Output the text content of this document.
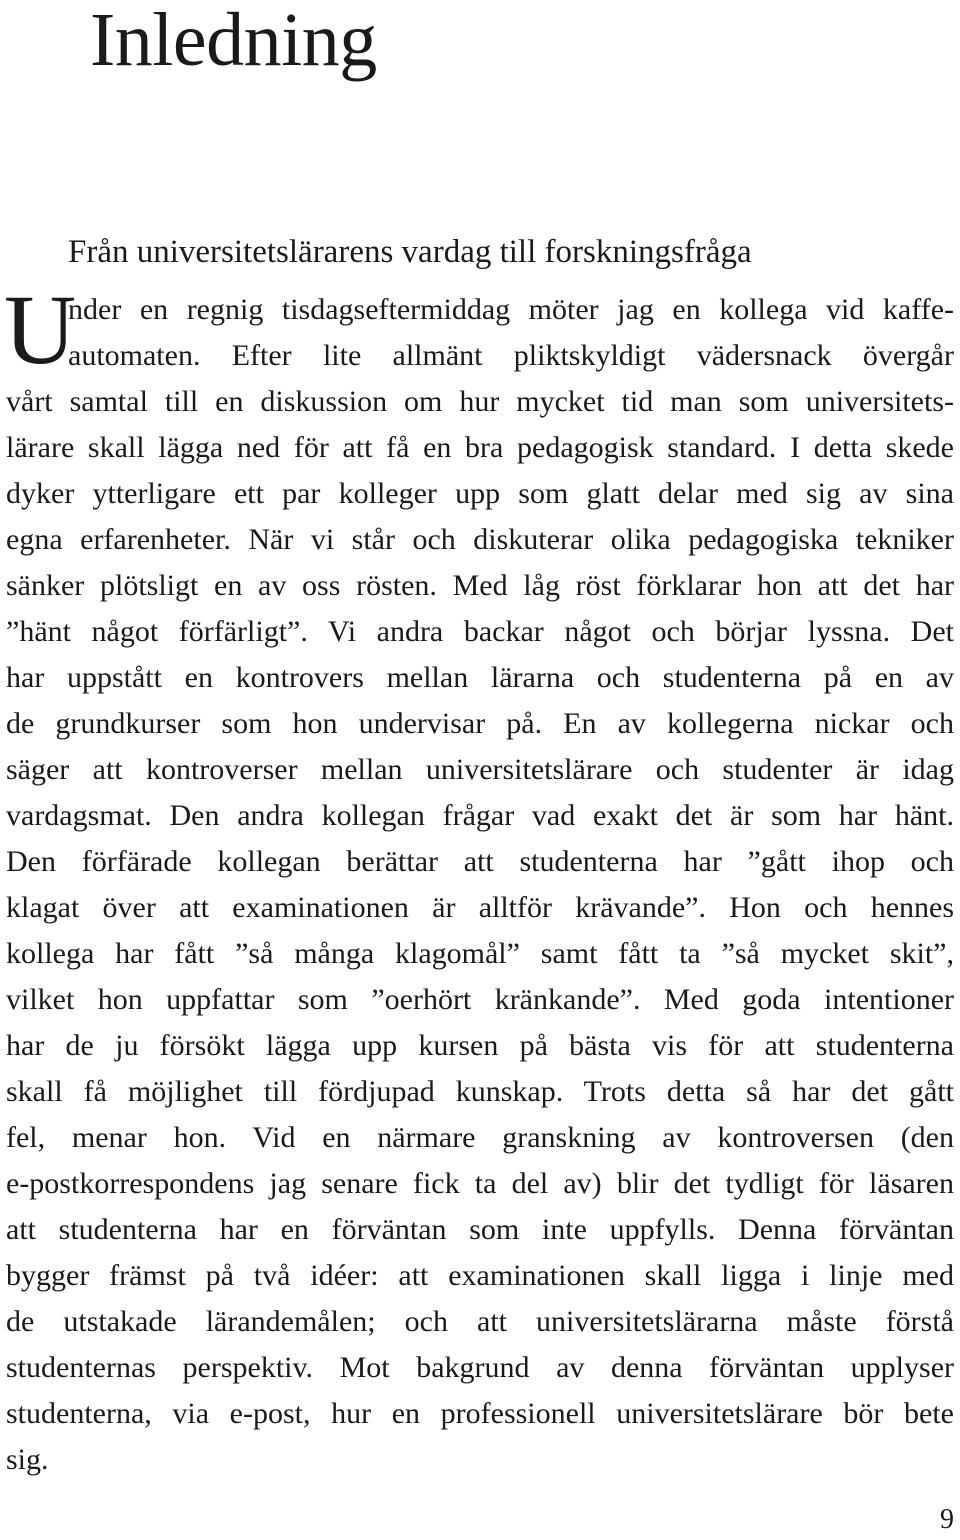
Inledning
Från universitetslärarens vardag till forskningsfråga
U
nder en regnig tisdagseftermiddag möter jag en kollega vid kaffe-
automaten. Efter lite allmänt pliktskyldigt vädersnack övergår
vårt samtal till en diskussion om hur mycket tid man som universitets-
lärare skall lägga ned för att få en bra pedagogisk standard. I detta skede
dyker ytterligare ett par kolleger upp som glatt delar med sig av sina
egna erfarenheter. När vi står och diskuterar olika pedagogiska tekniker
sänker plötsligt en av oss rösten. Med låg röst förklarar hon att det har
”hänt något förfärligt”. Vi andra backar något och börjar lyssna. Det
har uppstått en kontrovers mellan lärarna och studenterna på en av
de grundkurser som hon undervisar på. En av kollegerna nickar och
säger att kontroverser mellan universitetslärare och studenter är idag
vardagsmat. Den andra kollegan frågar vad exakt det är som har hänt.
Den förfärade kollegan berättar att studenterna har ”gått ihop och
klagat över att examinationen är alltför krävande”. Hon och hennes
kollega har fått ”så många klagomål” samt fått ta ”så mycket skit”,
vilket hon uppfattar som ”oerhört kränkande”. Med goda intentioner
har de ju försökt lägga upp kursen på bästa vis för att studenterna
skall få möjlighet till fördjupad kunskap. Trots detta så har det gått
fel, menar hon. Vid en närmare granskning av kontroversen (den
e-postkorrespondens jag senare fick ta del av) blir det tydligt för läsaren
att studenterna har en förväntan som inte uppfylls. Denna förväntan
bygger främst på två idéer: att examinationen skall ligga i linje med
de utstakade lärandemålen; och att universitetslärarna måste förstå
studenternas perspektiv. Mot bakgrund av denna förväntan upplyser
studenterna, via e-post, hur en professionell universitetslärare bör bete
sig.
9
